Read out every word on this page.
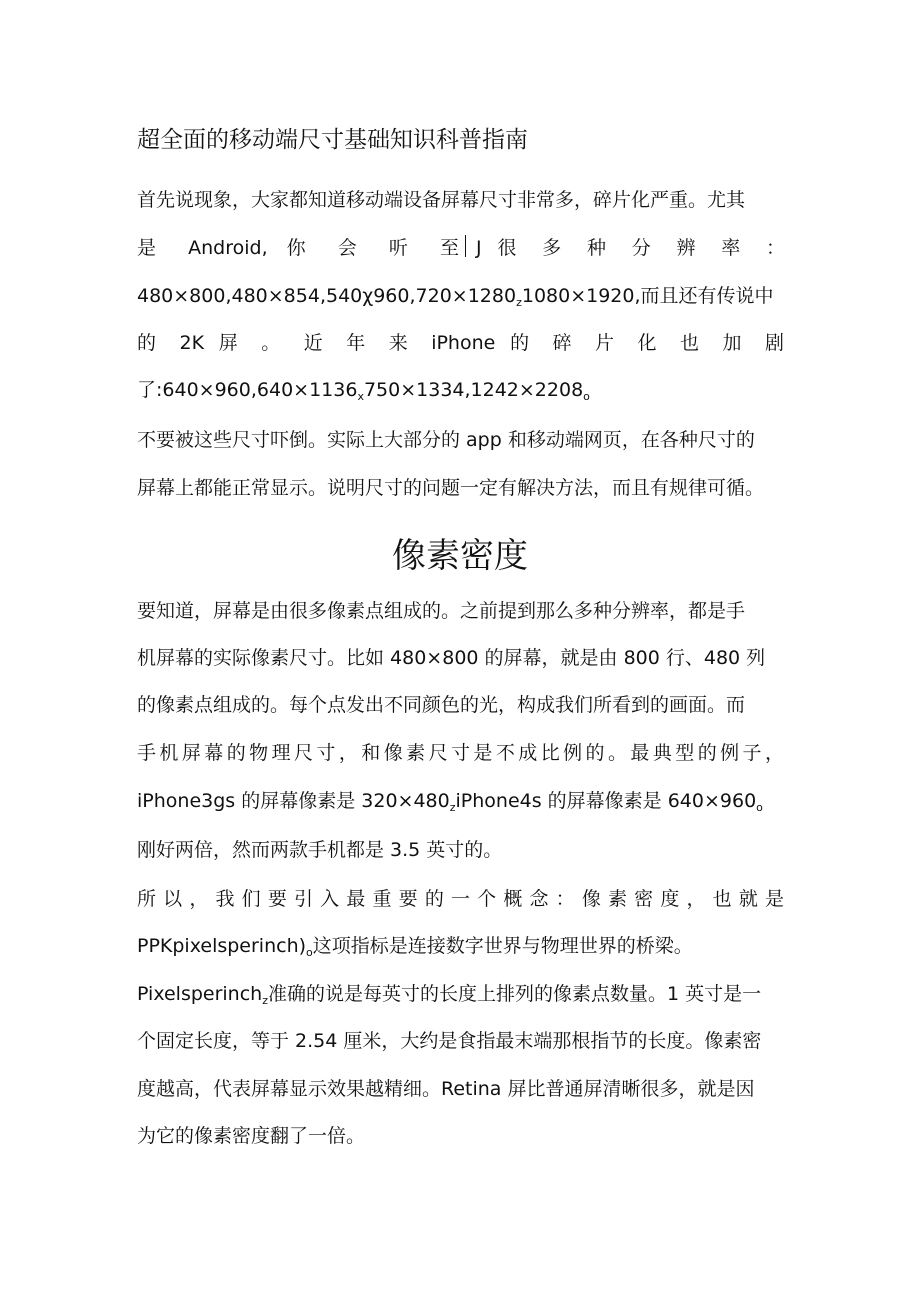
超全面的移动端尺寸基础知识科普指南
首先说现象，大家都知道移动端设备屏幕尺寸非常多，碎片化严重。尤其
是 Android, 你 会 听 至 J 很 多 种 分 辨 率 ：
$480\times 800,480\times 854,540\chi 960,720\times 1280_z1080\times 1920$,而且还有传说中
的 2K 屏 。 近 年 来 iPhone 的 碎 片 化 也 加 剧
了$:640\times 960,640\times 1136_x750\times 1334,1242\times 2208_o$
不要被这些尺寸吓倒。实际上大部分的 app 和移动端网页，在各种尺寸的
屏幕上都能正常显示。说明尺寸的问题一定有解决方法，而且有规律可循。
像素密度
要知道，屏幕是由很多像素点组成的。之前提到那么多种分辨率，都是手
机屏幕的实际像素尺寸。比如 480×800 的屏幕，就是由 800 行、480 列
的像素点组成的。每个点发出不同颜色的光，构成我们所看到的画面。而
手机屏幕的物理尺寸，和像素尺寸是不成比例的。最典型的例子，
iPhone3gs 的屏幕像素是 $320\times 480_ziPhone4s$ 的屏幕像素是 $640\times 960_o$
刚好两倍，然而两款手机都是 3.5 英寸的。
所 以 ， 我 们 要 引 入 最 重 要 的 一 个 概 念 ： 像 素 密 度 ， 也 就 是
$PPKpixelsperinch)_o$这项指标是连接数字世界与物理世界的桥梁。
Pixelsperinch$_z$准确的说是每英寸的长度上排列的像素点数量。1 英寸是一
个固定长度，等于 2.54 厘米，大约是食指最末端那根指节的长度。像素密
度越高，代表屏幕显示效果越精细。Retina 屏比普通屏清晰很多，就是因
为它的像素密度翻了一倍。
